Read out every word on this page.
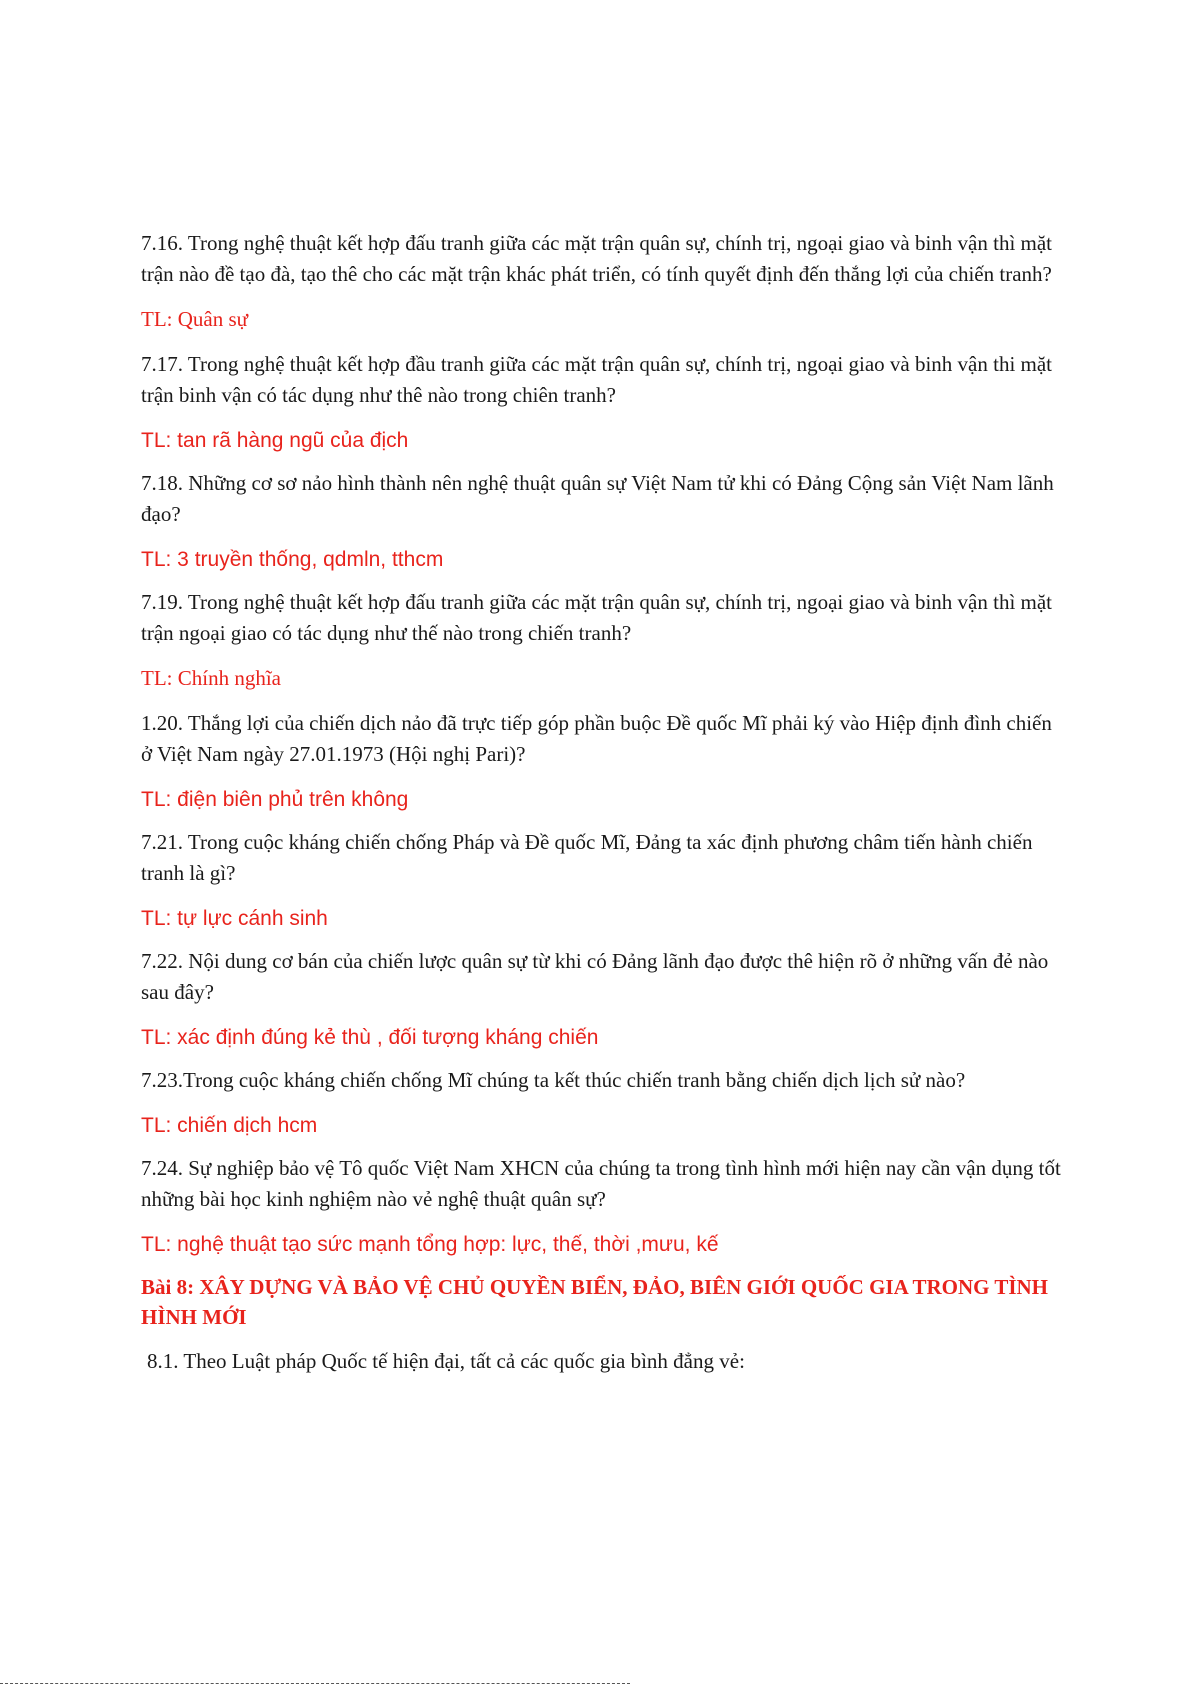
7.16. Trong nghệ thuật kết hợp đấu tranh giữa các mặt trận quân sự, chính trị, ngoại giao và binh vận thì mặt trận nào đề tạo đà, tạo thê cho các mặt trận khác phát triển, có tính quyết định đến thắng lợi của chiến tranh?

TL: Quân sự

7.17. Trong nghệ thuật kết hợp đầu tranh giữa các mặt trận quân sự, chính trị, ngoại giao và binh vận thi mặt trận binh vận có tác dụng như thê nào trong chiên tranh?

TL: tan rã hàng ngũ của địch

7.18. Những cơ sơ nảo hình thành nên nghệ thuật quân sự Việt Nam tử khi có Đảng Cộng sản Việt Nam lãnh đạo?

TL: 3 truyền thống, qdmln, tthcm

7.19. Trong nghệ thuật kết hợp đấu tranh giữa các mặt trận quân sự, chính trị, ngoại giao và binh vận thì mặt trận ngoại giao có tác dụng như thế nào trong chiến tranh?

TL: Chính nghĩa

1.20. Thắng lợi của chiến dịch nảo đã trực tiếp góp phần buộc Đề quốc Mĩ phải ký vào Hiệp định đình chiến ở Việt Nam ngày 27.01.1973 (Hội nghị Pari)?

TL: điện biên phủ trên không

7.21. Trong cuộc kháng chiến chống Pháp và Đề quốc Mĩ, Đảng ta xác định phương châm tiến hành chiến tranh là gì?

TL: tự lực cánh sinh

7.22. Nội dung cơ bán của chiến lược quân sự từ khi có Đảng lãnh đạo được thê hiện rõ ở những vấn đẻ nào sau đây?

TL: xác định đúng kẻ thù , đối tượng kháng chiến

7.23.Trong cuộc kháng chiến chống Mĩ chúng ta kết thúc chiến tranh bằng chiến dịch lịch sử nào?

TL: chiến dịch hcm

7.24. Sự nghiệp bảo vệ Tô quốc Việt Nam XHCN của chúng ta trong tình hình mới hiện nay cần vận dụng tốt những bài học kinh nghiệm nào vẻ nghệ thuật quân sự?

TL: nghệ thuật tạo sức mạnh tổng hợp: lực, thế, thời ,mưu, kế

Bài 8: XÂY DỰNG VÀ BẢO VỆ CHỦ QUYỀN BIỂN, ĐẢO, BIÊN GIỚI QUỐC GIA TRONG TÌNH HÌNH MỚI

8.1. Theo Luật pháp Quốc tế hiện đại, tất cả các quốc gia bình đẳng vẻ:
